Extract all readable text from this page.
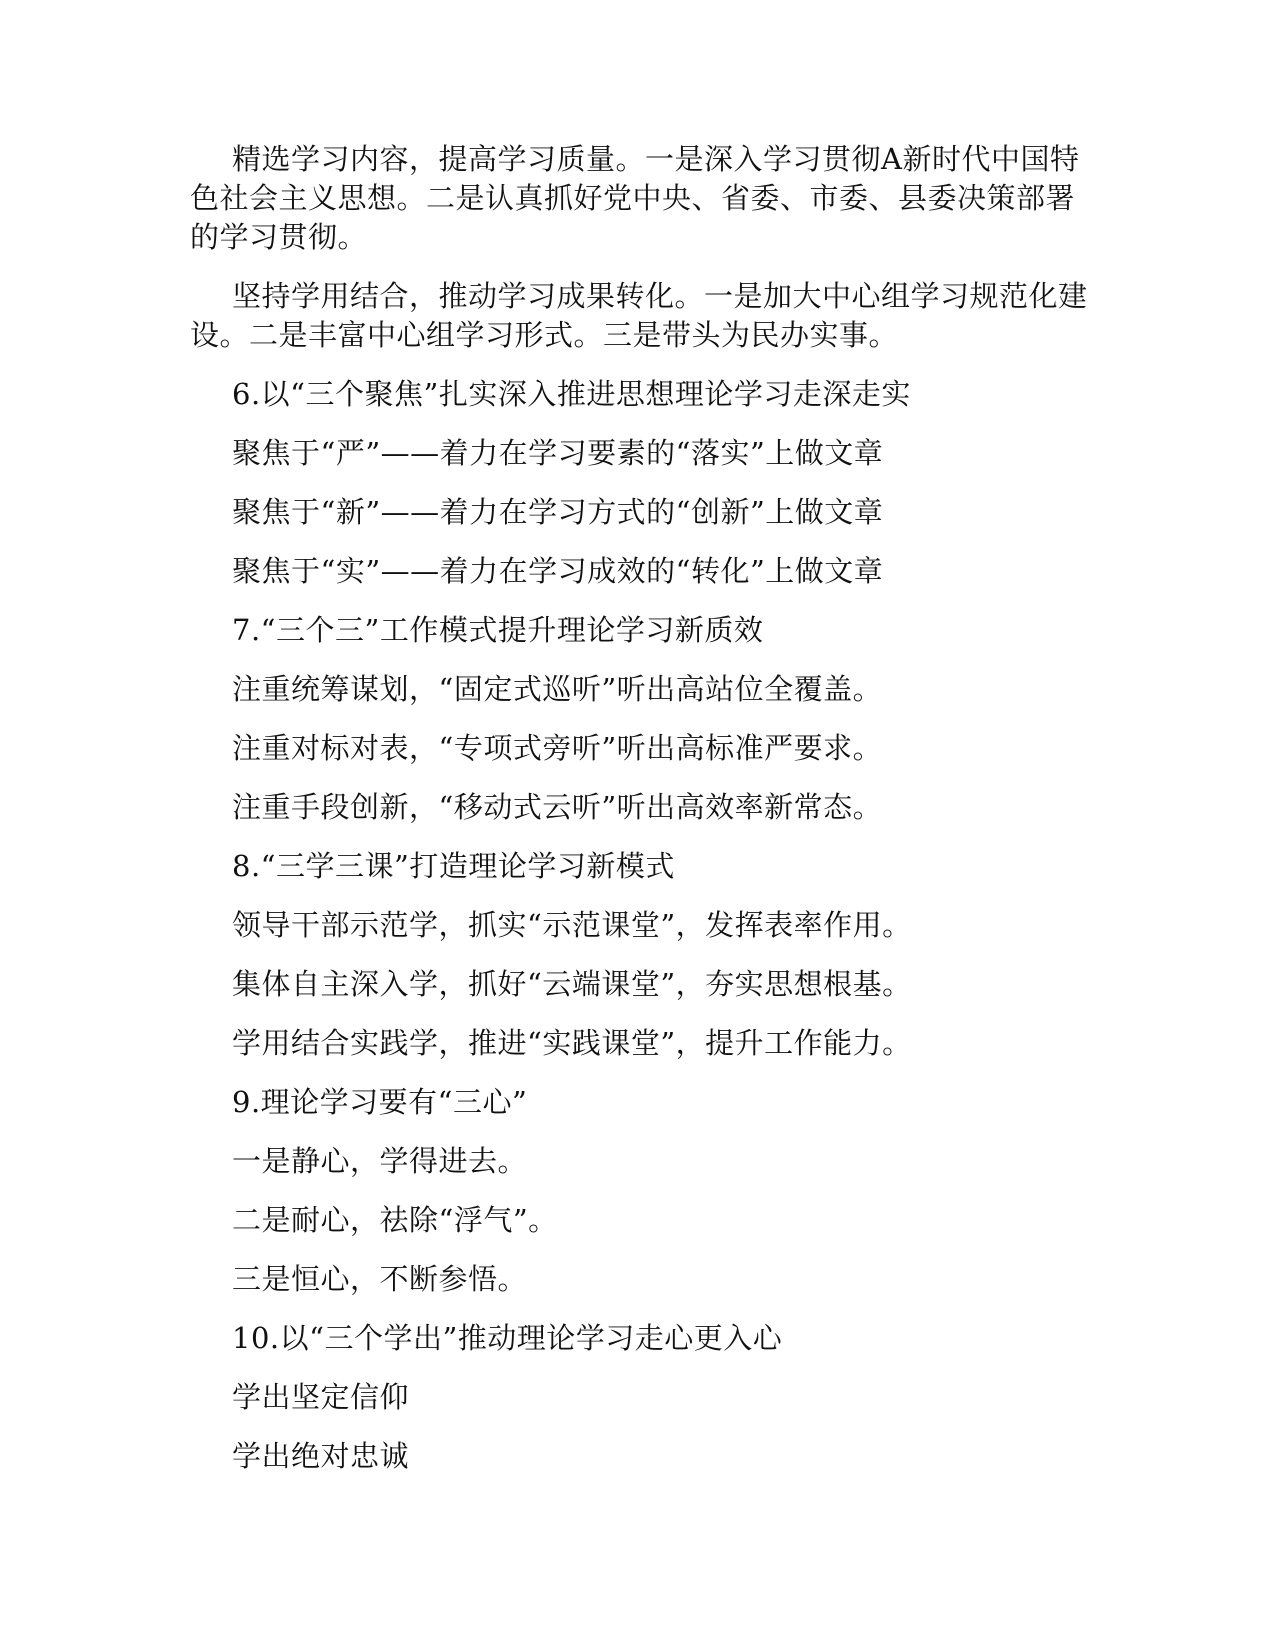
精选学习内容，提高学习质量。一是深入学习贯彻A新时代中国特色社会主义思想。二是认真抓好党中央、省委、市委、县委决策部署的学习贯彻。

坚持学用结合，推动学习成果转化。一是加大中心组学习规范化建设。二是丰富中心组学习形式。三是带头为民办实事。

6.以“三个聚焦”扎实深入推进思想理论学习走深走实

聚焦于“严”——着力在学习要素的“落实”上做文章

聚焦于“新”——着力在学习方式的“创新”上做文章

聚焦于“实”——着力在学习成效的“转化”上做文章

7.“三个三”工作模式提升理论学习新质效

注重统筹谋划，“固定式巡听”听出高站位全覆盖。

注重对标对表，“专项式旁听”听出高标准严要求。

注重手段创新，“移动式云听”听出高效率新常态。

8.“三学三课”打造理论学习新模式

领导干部示范学，抓实“示范课堂”，发挥表率作用。

集体自主深入学，抓好“云端课堂”，夯实思想根基。

学用结合实践学，推进“实践课堂”，提升工作能力。

9.理论学习要有“三心”

一是静心，学得进去。

二是耐心，祛除“浮气”。

三是恒心，不断参悟。

10.以“三个学出”推动理论学习走心更入心

学出坚定信仰

学出绝对忠诚
